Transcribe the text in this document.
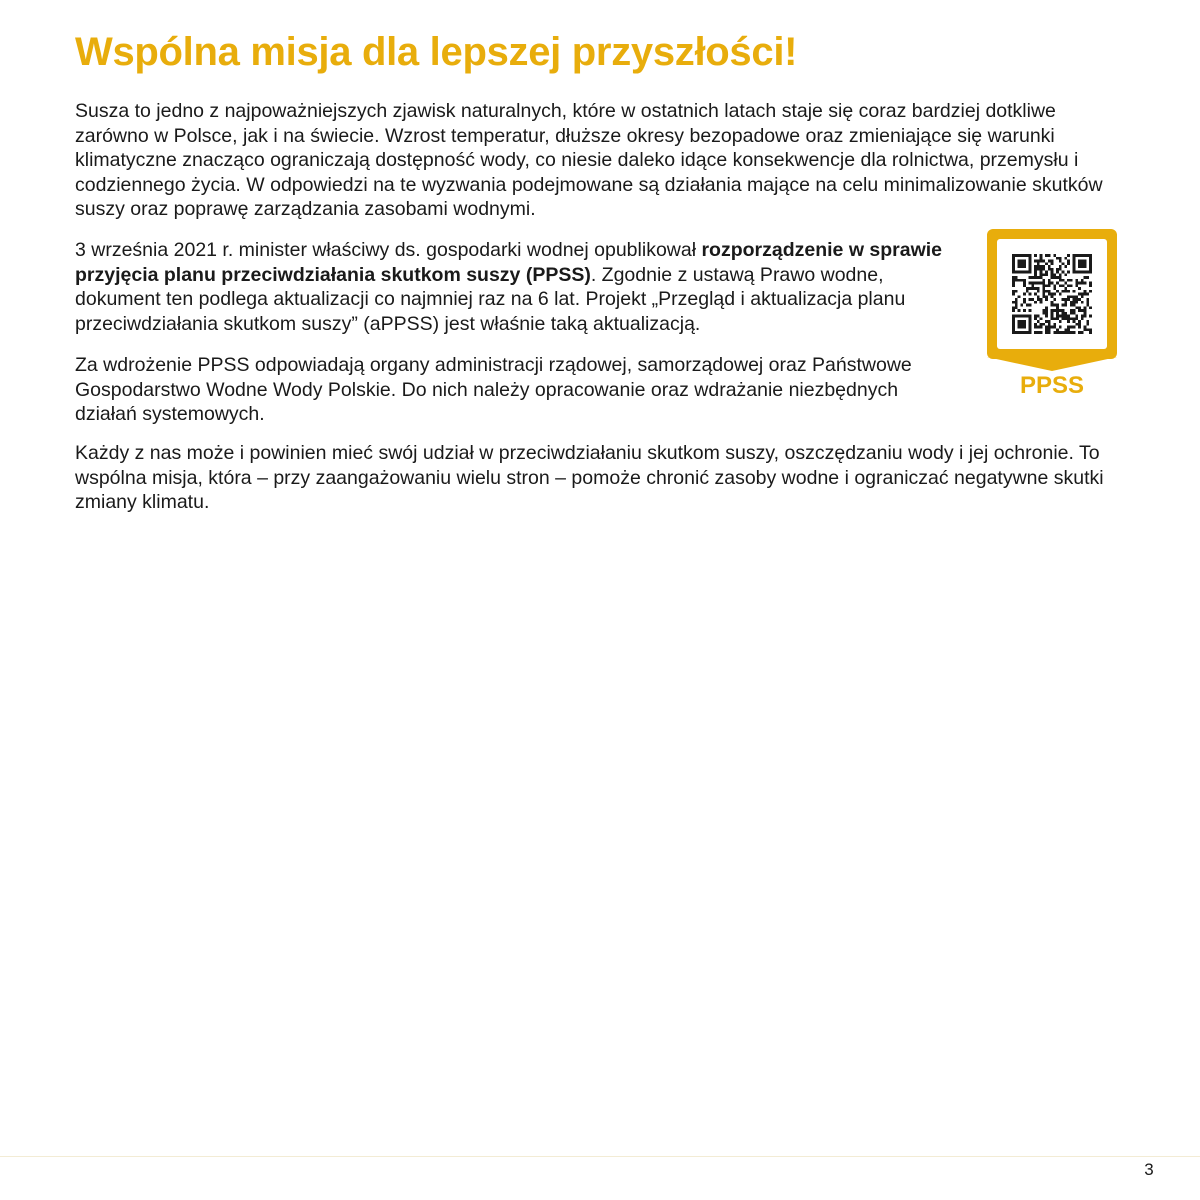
Wspólna misja dla lepszej przyszłości!

Susza to jedno z najpoważniejszych zjawisk naturalnych, które w ostatnich latach staje się coraz bardziej dotkliwe zarówno w Polsce, jak i na świecie. Wzrost temperatur, dłuższe okresy bezopadowe oraz zmieniające się warunki klimatyczne znacząco ograniczają dostępność wody, co niesie daleko idące konsekwencje dla rolnictwa, przemysłu i codziennego życia. W odpowiedzi na te wyzwania podejmowane są działania mające na celu minimalizowanie skutków suszy oraz poprawę zarządzania zasobami wodnymi.

3 września 2021 r. minister właściwy ds. gospodarki wodnej opublikował rozporządzenie w sprawie przyjęcia planu przeciwdziałania skutkom suszy (PPSS). Zgodnie z ustawą Prawo wodne, dokument ten podlega aktualizacji co najmniej raz na 6 lat. Projekt „Przegląd i aktualizacja planu przeciwdziałania skutkom suszy” (aPPSS) jest właśnie taką aktualizacją.

Za wdrożenie PPSS odpowiadają organy administracji rządowej, samorządowej oraz Państwowe Gospodarstwo Wodne Wody Polskie. Do nich należy opracowanie oraz wdrażanie niezbędnych działań systemowych.

Każdy z nas może i powinien mieć swój udział w przeciwdziałaniu skutkom suszy, oszczędzaniu wody i jej ochronie. To wspólna misja, która – przy zaangażowaniu wielu stron – pomoże chronić zasoby wodne i ograniczać negatywne skutki zmiany klimatu.

PPSS
3
